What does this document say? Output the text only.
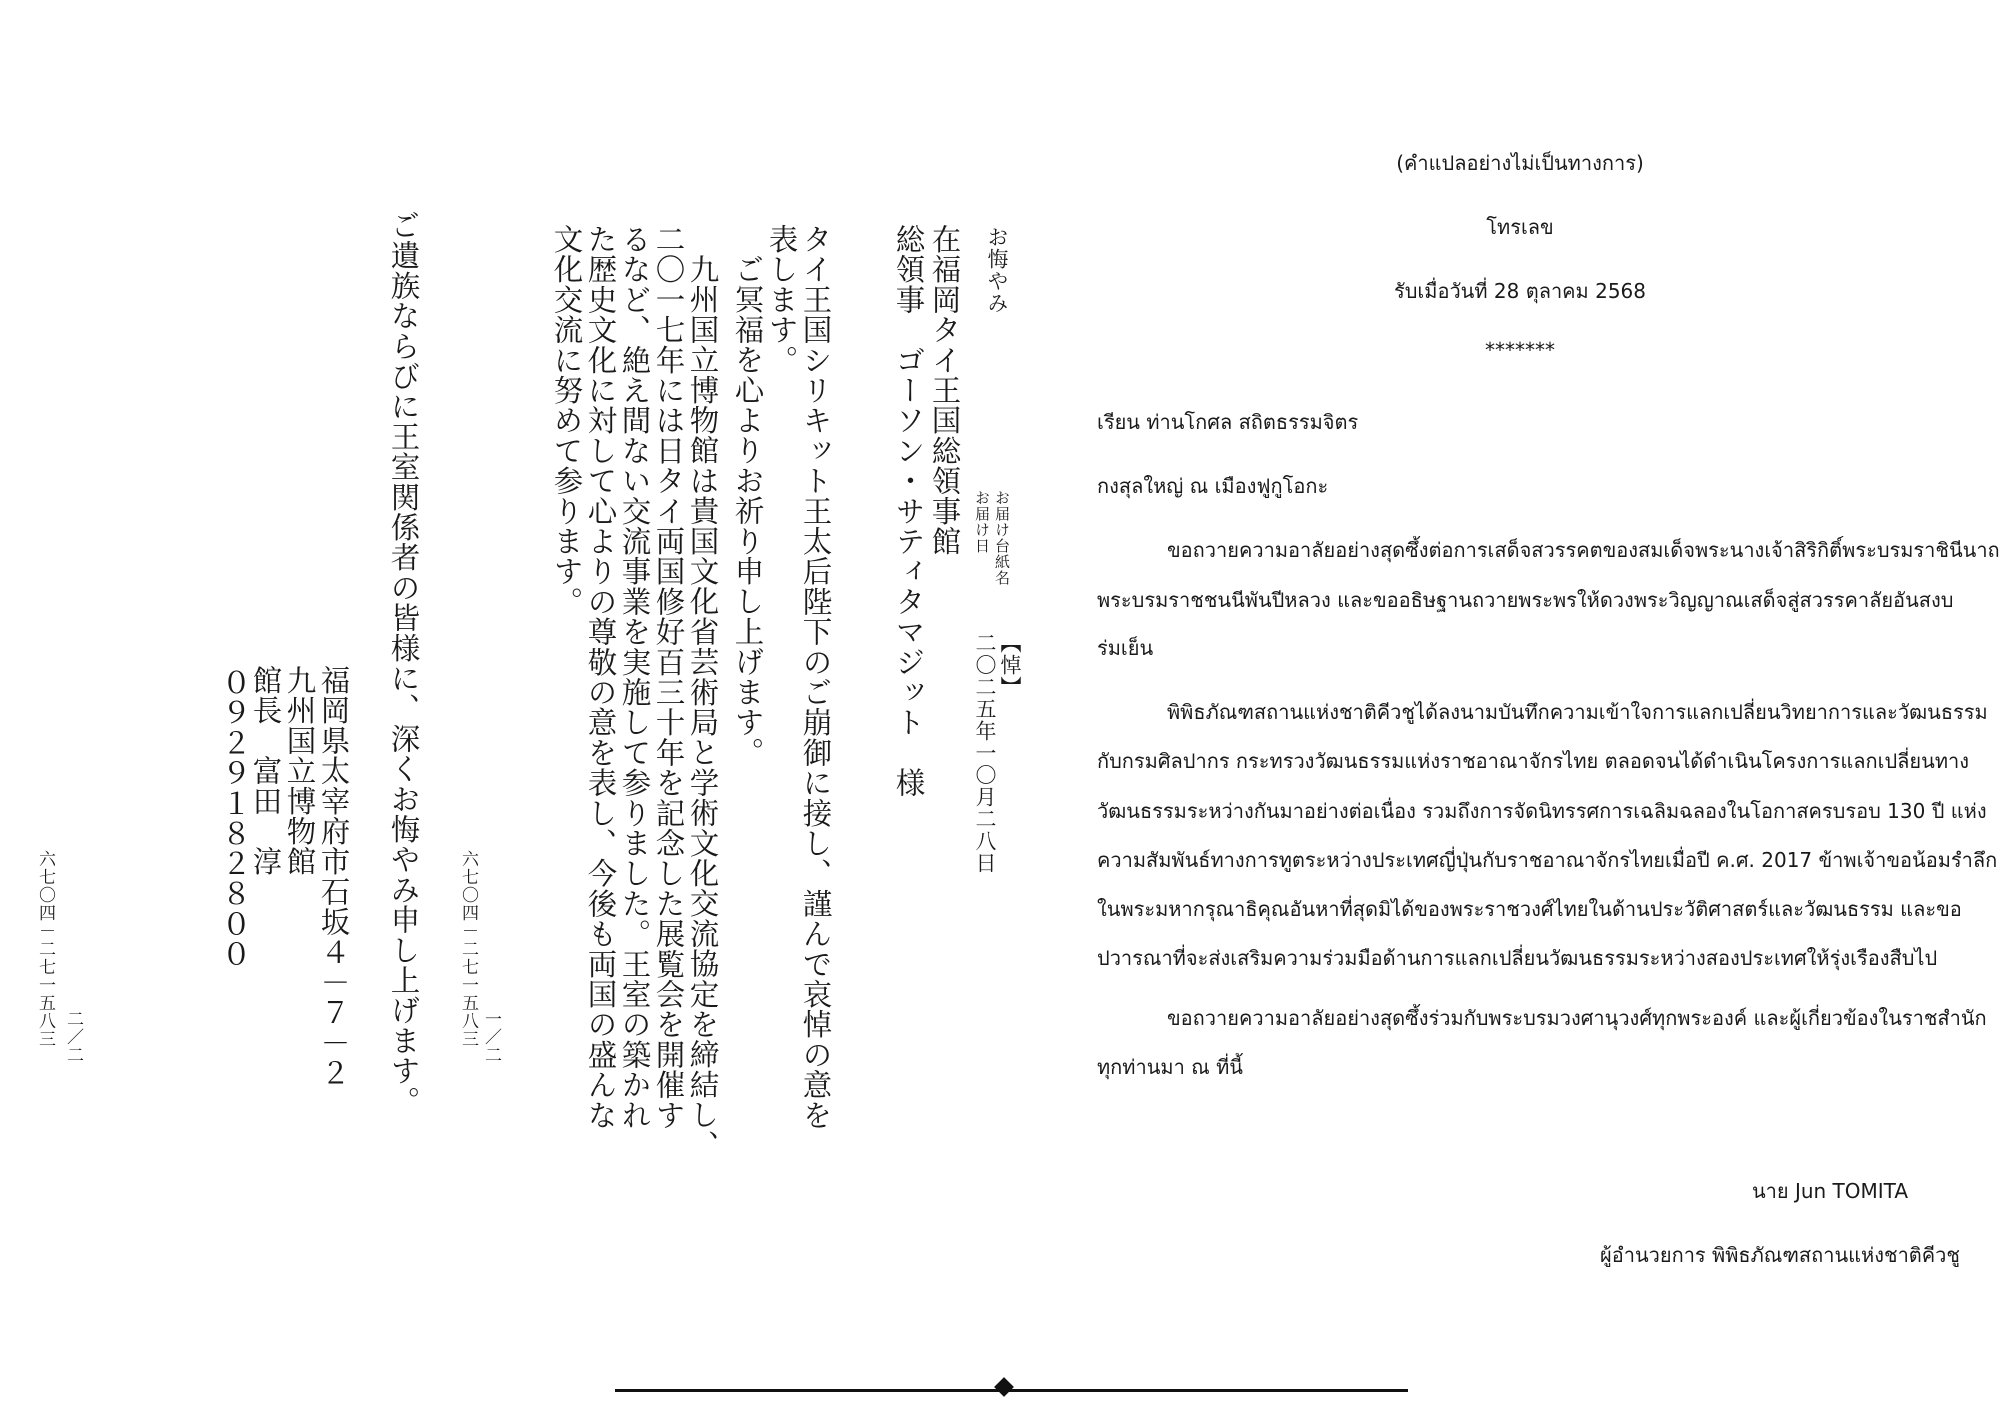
お悔やみ
お届け台紙名
お届け日
【悼】
二〇二五年一〇月二八日
在福岡タイ王国総領事館
総領事　ゴーソン・サティタマジット　様
タイ王国シリキット王太后陛下のご崩御に接し、謹んで哀悼の意を
表します。
ご冥福を心よりお祈り申し上げます。
九州国立博物館は貴国文化省芸術局と学術文化交流協定を締結し、
二〇一七年には日タイ両国修好百三十年を記念した展覧会を開催す
るなど、絶え間ない交流事業を実施して参りました。王室の築かれ
た歴史文化に対して心よりの尊敬の意を表し、今後も両国の盛んな
文化交流に努めて参ります。
六七〇四－二七一五八三 一／二
ご遺族ならびに王室関係者の皆様に、深くお悔やみ申し上げます。
福岡県太宰府市石坂４－７－２
九州国立博物館
館長　富田　淳
０９２９１８２８００
六七〇四－二七一五八三 二／二
(คำแปลอย่างไม่เป็นทางการ)
โทรเลข
รับเมื่อวันที่ 28 ตุลาคม 2568
*******
เรียน ท่านโกศล สถิตธรรมจิตร
กงสุลใหญ่ ณ เมืองฟูกูโอกะ
ขอถวายความอาลัยอย่างสุดซึ้งต่อการเสด็จสวรรคตของสมเด็จพระนางเจ้าสิริกิติ์พระบรมราชินีนาถ
พระบรมราชชนนีพันปีหลวง และขออธิษฐานถวายพระพรให้ดวงพระวิญญาณเสด็จสู่สวรรคาลัยอันสงบ
ร่มเย็น
พิพิธภัณฑสถานแห่งชาติคีวชูได้ลงนามบันทึกความเข้าใจการแลกเปลี่ยนวิทยาการและวัฒนธรรม
กับกรมศิลปากร กระทรวงวัฒนธรรมแห่งราชอาณาจักรไทย ตลอดจนได้ดำเนินโครงการแลกเปลี่ยนทาง
วัฒนธรรมระหว่างกันมาอย่างต่อเนื่อง รวมถึงการจัดนิทรรศการเฉลิมฉลองในโอกาสครบรอบ 130 ปี แห่ง
ความสัมพันธ์ทางการทูตระหว่างประเทศญี่ปุ่นกับราชอาณาจักรไทยเมื่อปี ค.ศ. 2017 ข้าพเจ้าขอน้อมรำลึก
ในพระมหากรุณาธิคุณอันหาที่สุดมิได้ของพระราชวงศ์ไทยในด้านประวัติศาสตร์และวัฒนธรรม และขอ
ปวารณาที่จะส่งเสริมความร่วมมือด้านการแลกเปลี่ยนวัฒนธรรมระหว่างสองประเทศให้รุ่งเรืองสืบไป
ขอถวายความอาลัยอย่างสุดซึ้งร่วมกับพระบรมวงศานุวงศ์ทุกพระองค์ และผู้เกี่ยวข้องในราชสำนัก
ทุกท่านมา ณ ที่นี้
นาย Jun TOMITA
ผู้อำนวยการ พิพิธภัณฑสถานแห่งชาติคีวชู
